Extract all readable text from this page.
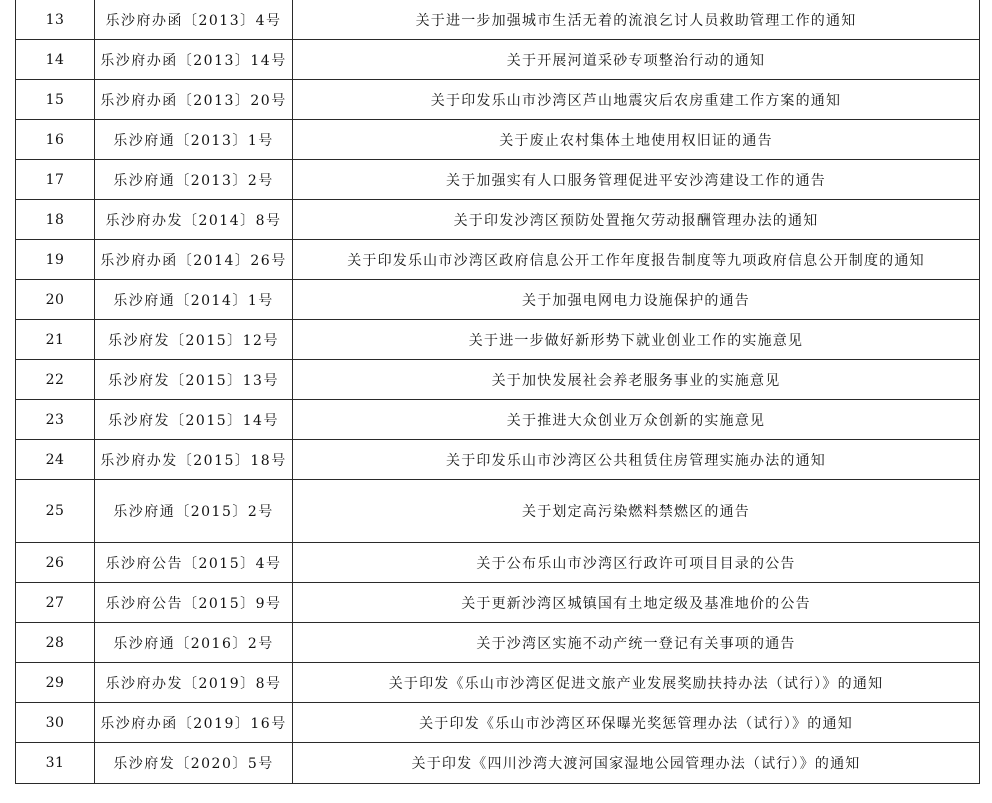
13	乐沙府办函〔2013〕4号	关于进一步加强城市生活无着的流浪乞讨人员救助管理工作的通知
14	乐沙府办函〔2013〕14号	关于开展河道采砂专项整治行动的通知
15	乐沙府办函〔2013〕20号	关于印发乐山市沙湾区芦山地震灾后农房重建工作方案的通知
16	乐沙府通〔2013〕1号	关于废止农村集体土地使用权旧证的通告
17	乐沙府通〔2013〕2号	关于加强实有人口服务管理促进平安沙湾建设工作的通告
18	乐沙府办发〔2014〕8号	关于印发沙湾区预防处置拖欠劳动报酬管理办法的通知
19	乐沙府办函〔2014〕26号	关于印发乐山市沙湾区政府信息公开工作年度报告制度等九项政府信息公开制度的通知
20	乐沙府通〔2014〕1号	关于加强电网电力设施保护的通告
21	乐沙府发〔2015〕12号	关于进一步做好新形势下就业创业工作的实施意见
22	乐沙府发〔2015〕13号	关于加快发展社会养老服务事业的实施意见
23	乐沙府发〔2015〕14号	关于推进大众创业万众创新的实施意见
24	乐沙府办发〔2015〕18号	关于印发乐山市沙湾区公共租赁住房管理实施办法的通知
25	乐沙府通〔2015〕2号	关于划定高污染燃料禁燃区的通告
26	乐沙府公告〔2015〕4号	关于公布乐山市沙湾区行政许可项目目录的公告
27	乐沙府公告〔2015〕9号	关于更新沙湾区城镇国有土地定级及基准地价的公告
28	乐沙府通〔2016〕2号	关于沙湾区实施不动产统一登记有关事项的通告
29	乐沙府办发〔2019〕8号	关于印发《乐山市沙湾区促进文旅产业发展奖励扶持办法（试行）》的通知
30	乐沙府办函〔2019〕16号	关于印发《乐山市沙湾区环保曝光奖惩管理办法（试行）》的通知
31	乐沙府发〔2020〕5号	关于印发《四川沙湾大渡河国家湿地公园管理办法（试行）》的通知
